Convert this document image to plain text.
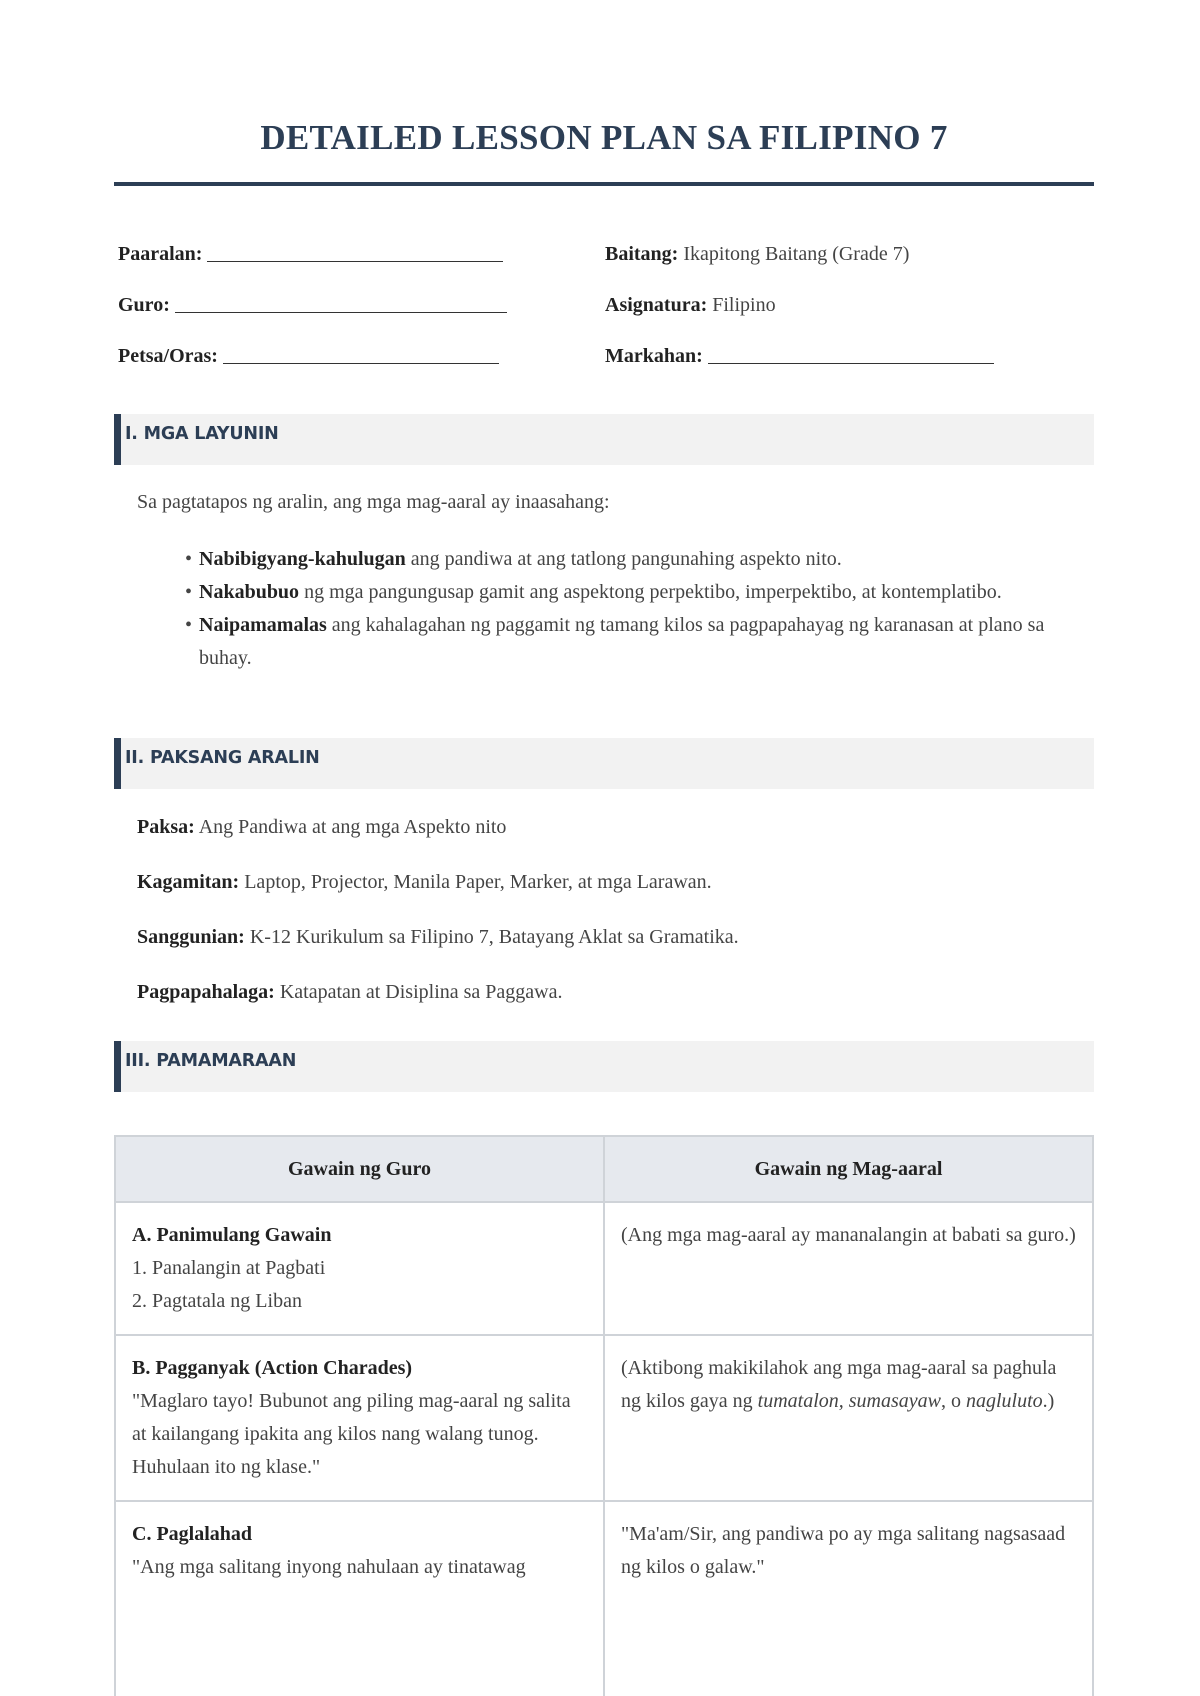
DETAILED LESSON PLAN SA FILIPINO 7
Paaralan:
Guro:
Petsa/Oras:
Baitang: Ikapitong Baitang (Grade 7)
Asignatura: Filipino
Markahan:
I. MGA LAYUNIN
Sa pagtatapos ng aralin, ang mga mag-aaral ay inaasahang:
• Nabibigyang-kahulugan ang pandiwa at ang tatlong pangunahing aspekto nito.
• Nakabubuo ng mga pangungusap gamit ang aspektong perpektibo, imperpektibo, at kontemplatibo.
• Naipamamalas ang kahalagahan ng paggamit ng tamang kilos sa pagpapahayag ng karanasan at plano sa buhay.
II. PAKSANG ARALIN
Paksa: Ang Pandiwa at ang mga Aspekto nito
Kagamitan: Laptop, Projector, Manila Paper, Marker, at mga Larawan.
Sanggunian: K-12 Kurikulum sa Filipino 7, Batayang Aklat sa Gramatika.
Pagpapahalaga: Katapatan at Disiplina sa Paggawa.
III. PAMAMARAAN
Gawain ng Guro	Gawain ng Mag-aaral

A. Panimulang Gawain
1. Panalangin at Pagbati
2. Pagtatala ng Liban	(Ang mga mag-aaral ay mananalangin at babati sa guro.)

B. Pagganyak (Action Charades)
"Maglaro tayo! Bubunot ang piling mag-aaral ng salita at kailangang ipakita ang kilos nang walang tunog. Huhulaan ito ng klase."	(Aktibong makikilahok ang mga mag-aaral sa paghula ng kilos gaya ng tumatalon, sumasayaw, o nagluluto.)

C. Paglalahad
"Ang mga salitang inyong nahulaan ay tinatawag	"Ma'am/Sir, ang pandiwa po ay mga salitang nagsasaad ng kilos o galaw."
